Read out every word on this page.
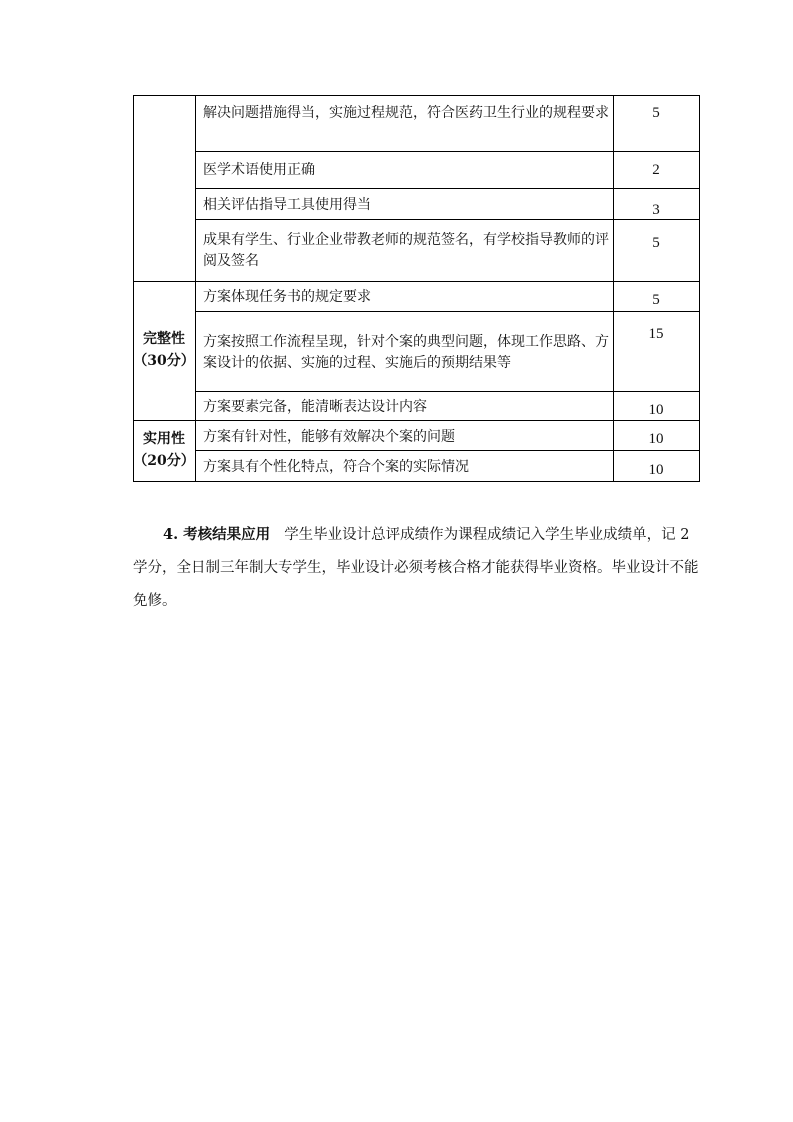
解决问题措施得当，实施过程规范，符合医药卫生行业的规程要求
医学术语使用正确
相关评估指导工具使用得当
成果有学生、行业企业带教老师的规范签名，有学校指导教师的评阅及签名
方案体现任务书的规定要求
方案按照工作流程呈现，针对个案的典型问题，体现工作思路、方案设计的依据、实施的过程、实施后的预期结果等
方案要素完备，能清晰表达设计内容
方案有针对性，能够有效解决个案的问题
方案具有个性化特点，符合个案的实际情况
5
2
3
5
5
15
10
10
10
完整性
（30分）
实用性
（20分）
4. 考核结果应用 学生毕业设计总评成绩作为课程成绩记入学生毕业成绩单，记 2 学分，全日制三年制大专学生，毕业设计必须考核合格才能获得毕业资格。毕业设计不能免修。
